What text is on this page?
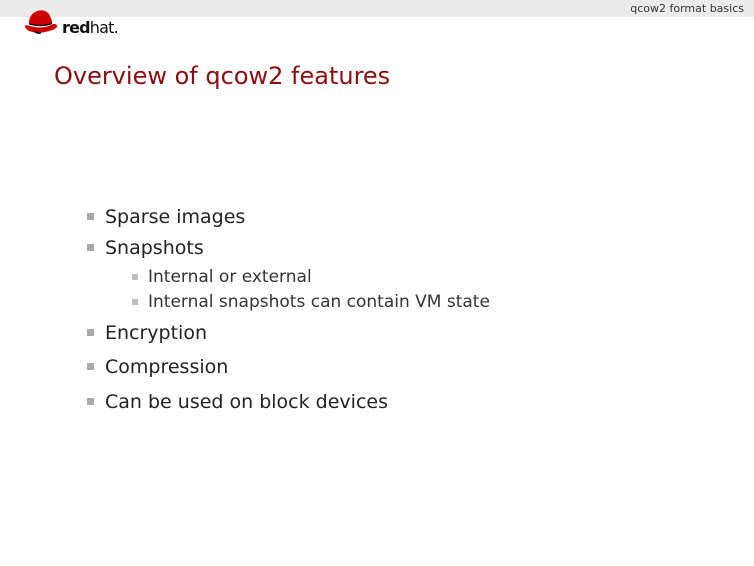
qcow2 format basics
redhat.
Overview of qcow2 features
Sparse images
Snapshots
Internal or external
Internal snapshots can contain VM state
Encryption
Compression
Can be used on block devices
